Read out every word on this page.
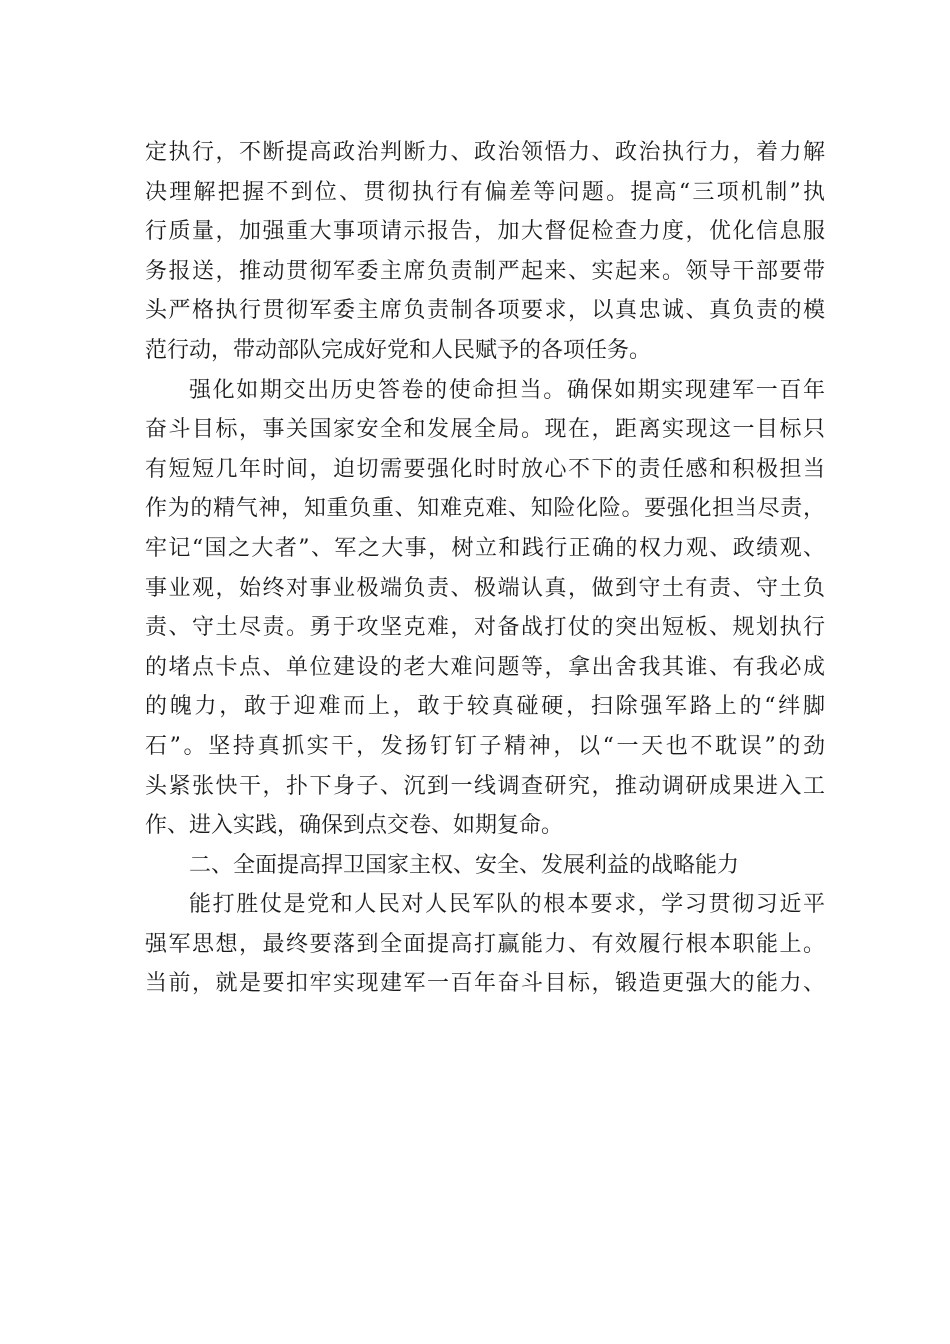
定执行，不断提高政治判断力、政治领悟力、政治执行力，着力解
决理解把握不到位、贯彻执行有偏差等问题。提高“三项机制”执
行质量，加强重大事项请示报告，加大督促检查力度，优化信息服
务报送，推动贯彻军委主席负责制严起来、实起来。领导干部要带
头严格执行贯彻军委主席负责制各项要求，以真忠诚、真负责的模
范行动，带动部队完成好党和人民赋予的各项任务。
强化如期交出历史答卷的使命担当。确保如期实现建军一百年
奋斗目标，事关国家安全和发展全局。现在，距离实现这一目标只
有短短几年时间，迫切需要强化时时放心不下的责任感和积极担当
作为的精气神，知重负重、知难克难、知险化险。要强化担当尽责，
牢记“国之大者”、军之大事，树立和践行正确的权力观、政绩观、
事业观，始终对事业极端负责、极端认真，做到守土有责、守土负
责、守土尽责。勇于攻坚克难，对备战打仗的突出短板、规划执行
的堵点卡点、单位建设的老大难问题等，拿出舍我其谁、有我必成
的魄力，敢于迎难而上，敢于较真碰硬，扫除强军路上的“绊脚
石”。坚持真抓实干，发扬钉钉子精神，以“一天也不耽误”的劲
头紧张快干，扑下身子、沉到一线调查研究，推动调研成果进入工
作、进入实践，确保到点交卷、如期复命。
二、全面提高捍卫国家主权、安全、发展利益的战略能力
能打胜仗是党和人民对人民军队的根本要求，学习贯彻习近平
强军思想，最终要落到全面提高打赢能力、有效履行根本职能上。
当前，就是要扣牢实现建军一百年奋斗目标，锻造更强大的能力、
